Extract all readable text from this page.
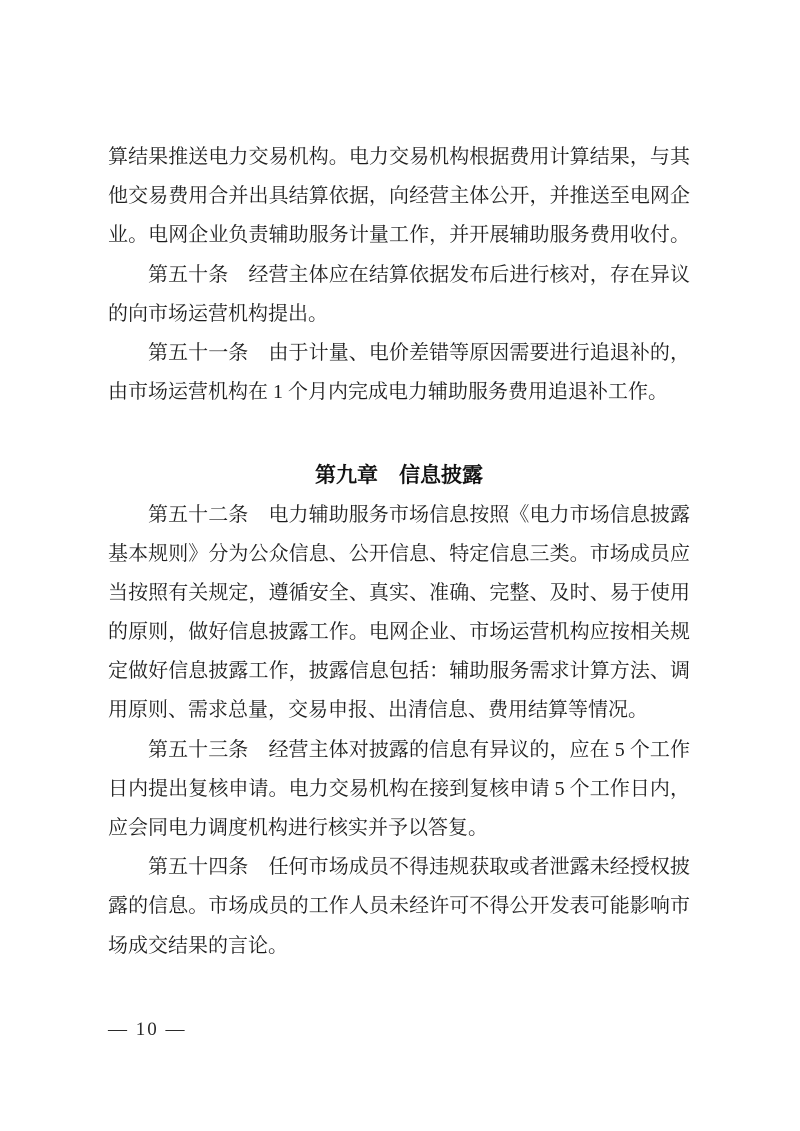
算结果推送电力交易机构。电力交易机构根据费用计算结果，与其
他交易费用合并出具结算依据，向经营主体公开，并推送至电网企
业。电网企业负责辅助服务计量工作，并开展辅助服务费用收付。
第五十条　经营主体应在结算依据发布后进行核对，存在异议
的向市场运营机构提出。
第五十一条　由于计量、电价差错等原因需要进行追退补的，
由市场运营机构在 1 个月内完成电力辅助服务费用追退补工作。
第九章　信息披露
第五十二条　电力辅助服务市场信息按照《电力市场信息披露
基本规则》分为公众信息、公开信息、特定信息三类。市场成员应
当按照有关规定，遵循安全、真实、准确、完整、及时、易于使用
的原则，做好信息披露工作。电网企业、市场运营机构应按相关规
定做好信息披露工作，披露信息包括：辅助服务需求计算方法、调
用原则、需求总量，交易申报、出清信息、费用结算等情况。
第五十三条　经营主体对披露的信息有异议的，应在 5 个工作
日内提出复核申请。电力交易机构在接到复核申请 5 个工作日内，
应会同电力调度机构进行核实并予以答复。
第五十四条　任何市场成员不得违规获取或者泄露未经授权披
露的信息。市场成员的工作人员未经许可不得公开发表可能影响市
场成交结果的言论。
— 10 —
